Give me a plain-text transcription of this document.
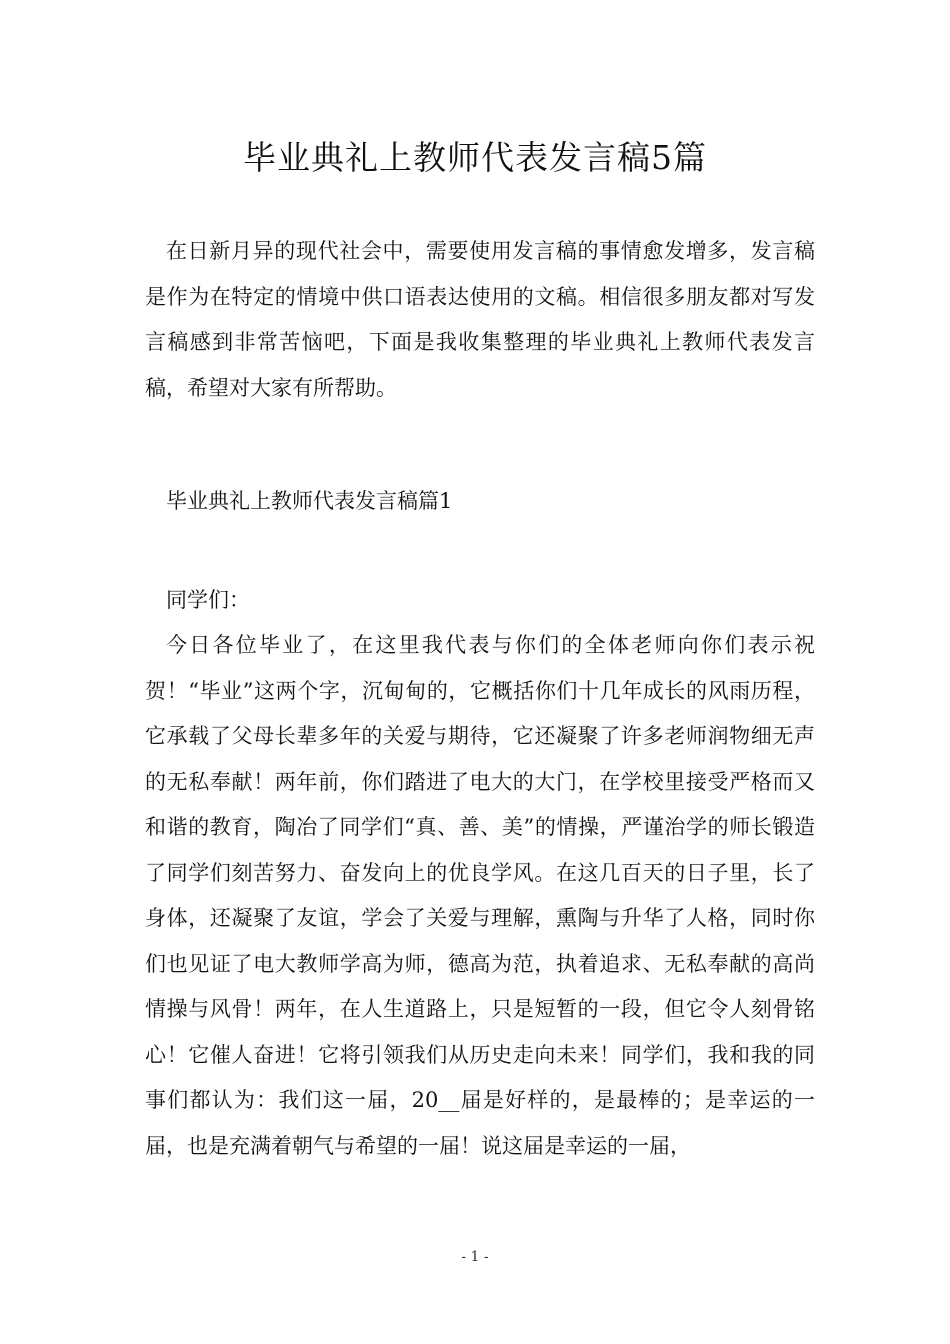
毕业典礼上教师代表发言稿5篇

在日新月异的现代社会中，需要使用发言稿的事情愈发增多，发言稿是作为在特定的情境中供口语表达使用的文稿。相信很多朋友都对写发言稿感到非常苦恼吧，下面是我收集整理的毕业典礼上教师代表发言稿，希望对大家有所帮助。

毕业典礼上教师代表发言稿篇1

同学们：

今日各位毕业了，在这里我代表与你们的全体老师向你们表示祝贺！“毕业”这两个字，沉甸甸的，它概括你们十几年成长的风雨历程，它承载了父母长辈多年的关爱与期待，它还凝聚了许多老师润物细无声的无私奉献！两年前，你们踏进了电大的大门，在学校里接受严格而又和谐的教育，陶冶了同学们“真、善、美”的情操，严谨治学的师长锻造了同学们刻苦努力、奋发向上的优良学风。在这几百天的日子里，长了身体，还凝聚了友谊，学会了关爱与理解，熏陶与升华了人格，同时你们也见证了电大教师学高为师，德高为范，执着追求、无私奉献的高尚情操与风骨！两年，在人生道路上，只是短暂的一段，但它令人刻骨铭心！它催人奋进！它将引领我们从历史走向未来！同学们，我和我的同事们都认为：我们这一届，20__届是好样的，是最棒的；是幸运的一届，也是充满着朝气与希望的一届！说这届是幸运的一届，

- 1 -
